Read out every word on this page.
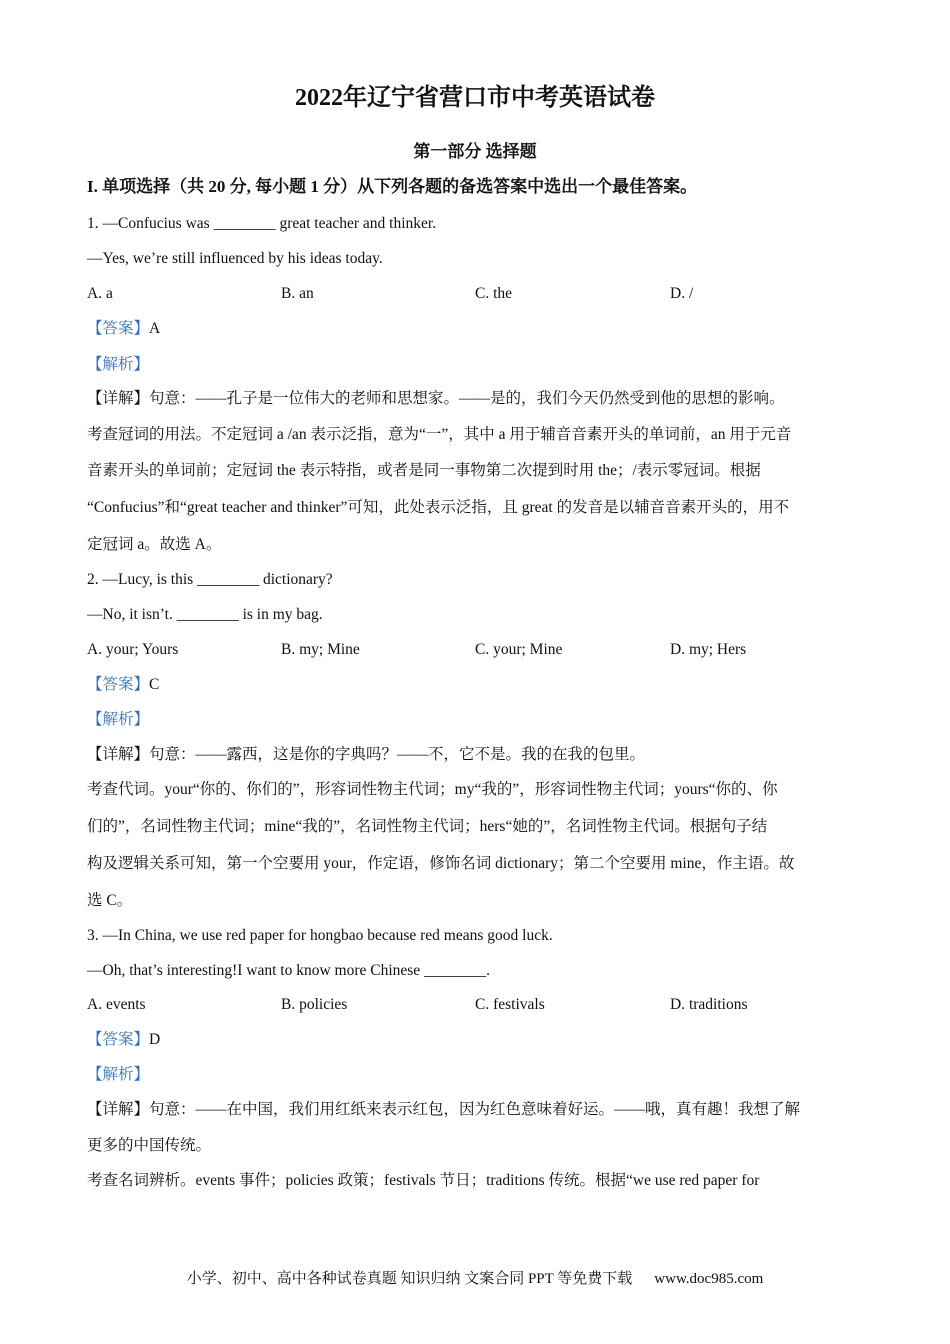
2022年辽宁省营口市中考英语试卷
第一部分 选择题
I. 单项选择（共 20 分, 每小题 1 分）从下列各题的备选答案中选出一个最佳答案。
1. —Confucius was ________ great teacher and thinker.
—Yes, we’re still influenced by his ideas today.
A. a	B. an	C. the	D. /
【答案】A
【解析】
【详解】句意：——孔子是一位伟大的老师和思想家。——是的，我们今天仍然受到他的思想的影响。
考查冠词的用法。不定冠词 a /an 表示泛指，意为“一”，其中 a 用于辅音音素开头的单词前，an 用于元音
音素开头的单词前；定冠词 the 表示特指，或者是同一事物第二次提到时用 the；/表示零冠词。根据
“Confucius”和“great teacher and thinker”可知，此处表示泛指，且 great 的发音是以辅音音素开头的，用不
定冠词 a。故选 A。
2. —Lucy, is this ________ dictionary?
—No, it isn’t. ________ is in my bag.
A. your; Yours	B. my; Mine	C. your; Mine	D. my; Hers
【答案】C
【解析】
【详解】句意：——露西，这是你的字典吗？——不，它不是。我的在我的包里。
考查代词。your“你的、你们的”，形容词性物主代词；my“我的”，形容词性物主代词；yours“你的、你
们的”，名词性物主代词；mine“我的”，名词性物主代词；hers“她的”，名词性物主代词。根据句子结
构及逻辑关系可知，第一个空要用 your，作定语，修饰名词 dictionary；第二个空要用 mine，作主语。故
选 C。
3. —In China, we use red paper for hongbao because red means good luck.
—Oh, that’s interesting!I want to know more Chinese ________.
A. events	B. policies	C. festivals	D. traditions
【答案】D
【解析】
【详解】句意：——在中国，我们用红纸来表示红包，因为红色意味着好运。——哦，真有趣！我想了解
更多的中国传统。
考查名词辨析。events 事件；policies 政策；festivals 节日；traditions 传统。根据“we use red paper for
小学、初中、高中各种试卷真题 知识归纳 文案合同 PPT 等免费下载 www.doc985.com
